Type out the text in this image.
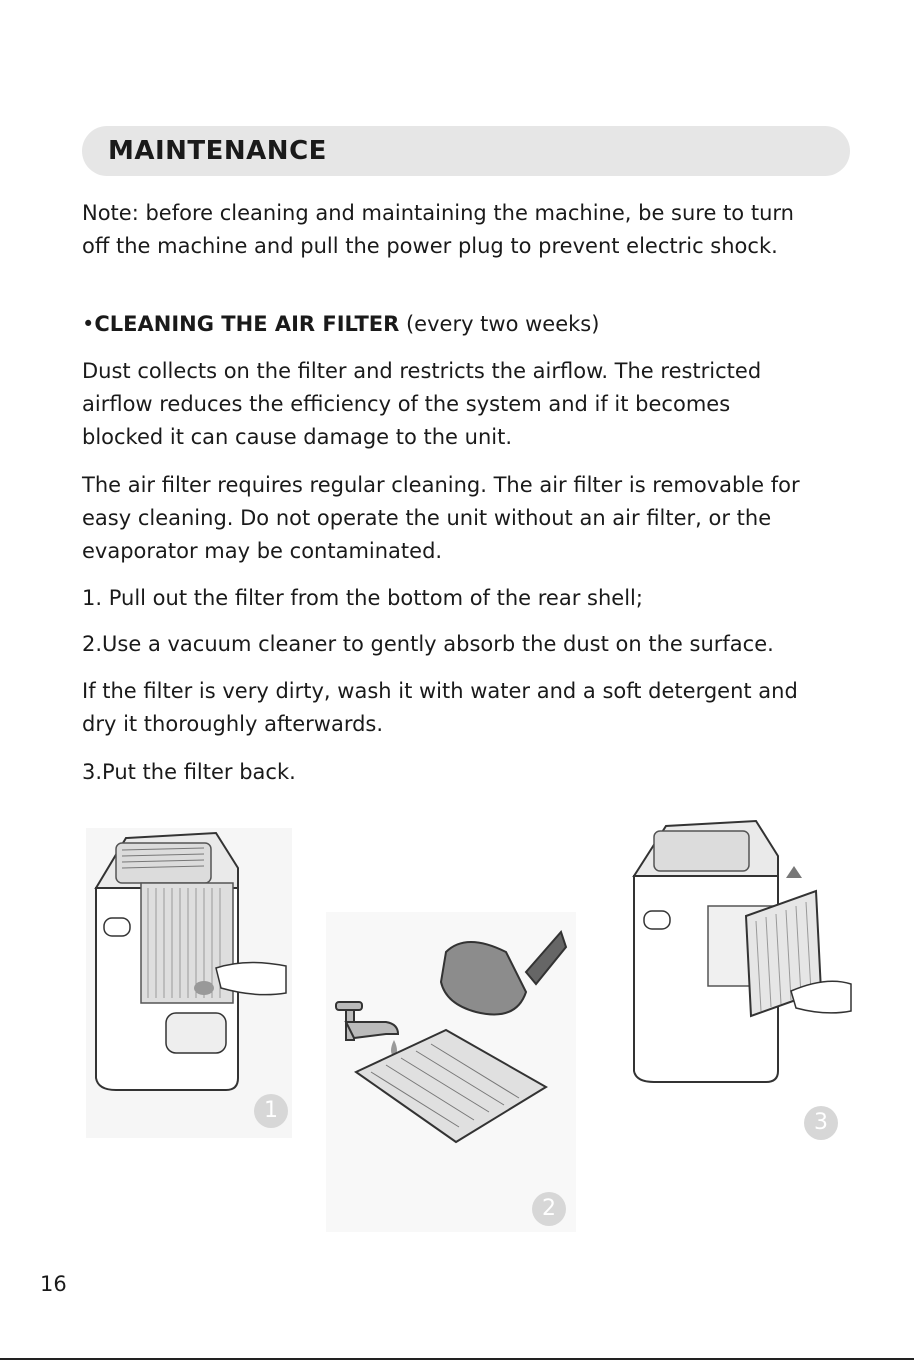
MAINTENANCE
Note: before cleaning and maintaining the machine, be sure to turn
off the machine and pull the power plug to prevent electric shock.
•CLEANING THE AIR FILTER (every two weeks)
Dust collects on the filter and restricts the airflow. The restricted
airflow reduces the efficiency of the system and if it becomes
blocked it can cause damage to the unit.
The air filter requires regular cleaning. The air filter is removable for
easy cleaning. Do not operate the unit without an air filter, or the
evaporator may be contaminated.
1. Pull out the filter from the bottom of the rear shell;
2.Use a vacuum cleaner to gently absorb the dust on the surface.
If the filter is very dirty, wash it with water and a soft detergent and
dry it thoroughly afterwards.
3.Put the filter back.
1
2
3
16
